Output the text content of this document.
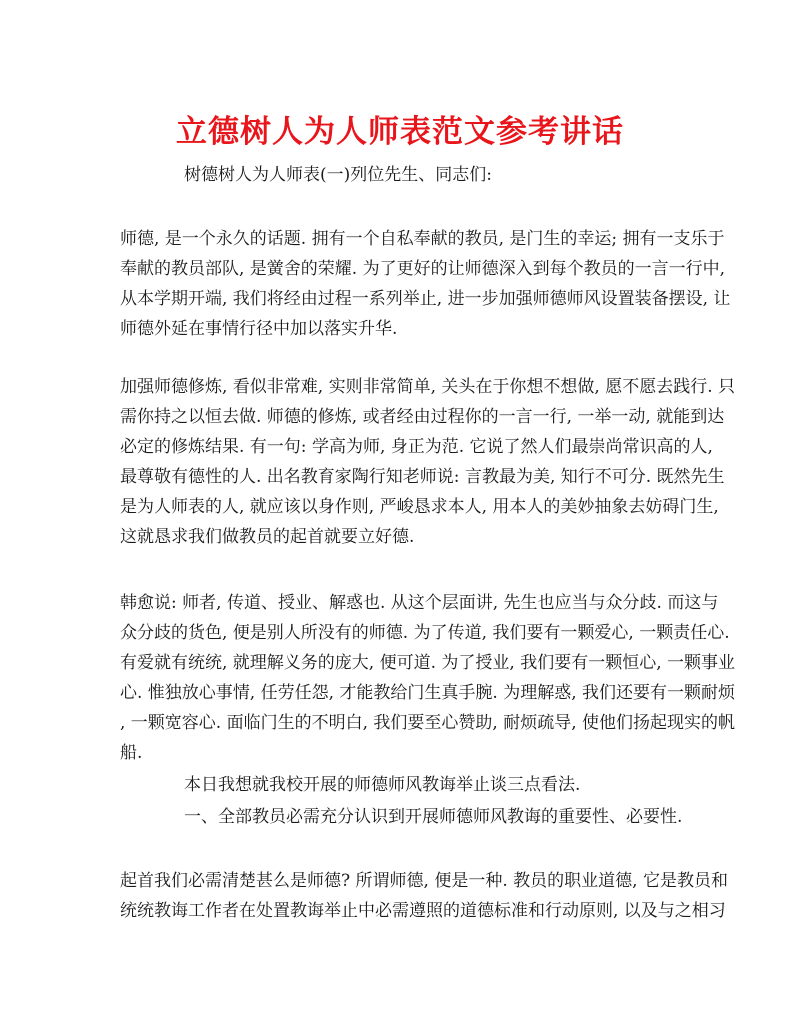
立德树人为人师表范文参考讲话

树德树人为人师表(一)列位先生、同志们:

师德, 是一个永久的话题. 拥有一个自私奉献的教员, 是门生的幸运; 拥有一支乐于

奉献的教员部队, 是黉舍的荣耀. 为了更好的让师德深入到每个教员的一言一行中,

从本学期开端, 我们将经由过程一系列举止, 进一步加强师德师风设置装备摆设, 让

师德外延在事情行径中加以落实升华.

加强师德修炼, 看似非常难, 实则非常简单, 关头在于你想不想做, 愿不愿去践行. 只

需你持之以恒去做. 师德的修炼, 或者经由过程你的一言一行, 一举一动, 就能到达

必定的修炼结果. 有一句: 学高为师, 身正为范. 它说了然人们最崇尚常识高的人,

最尊敬有德性的人. 出名教育家陶行知老师说: 言教最为美, 知行不可分. 既然先生

是为人师表的人, 就应该以身作则, 严峻恳求本人, 用本人的美妙抽象去妨碍门生,

这就恳求我们做教员的起首就要立好德.

韩愈说: 师者, 传道、授业、解惑也. 从这个层面讲, 先生也应当与众分歧. 而这与

众分歧的货色, 便是别人所没有的师德. 为了传道, 我们要有一颗爱心, 一颗责任心.

有爱就有统统, 就理解义务的庞大, 便可道. 为了授业, 我们要有一颗恒心, 一颗事业

心. 惟独放心事情, 任劳任怨, 才能教给门生真手腕. 为理解惑, 我们还要有一颗耐烦

, 一颗宽容心. 面临门生的不明白, 我们要至心赞助, 耐烦疏导, 使他们扬起现实的帆

船.

本日我想就我校开展的师德师风教诲举止谈三点看法.

一、全部教员必需充分认识到开展师德师风教诲的重要性、必要性.

起首我们必需清楚甚么是师德? 所谓师德, 便是一种. 教员的职业道德, 它是教员和

统统教诲工作者在处置教诲举止中必需遵照的道德标准和行动原则, 以及与之相习
